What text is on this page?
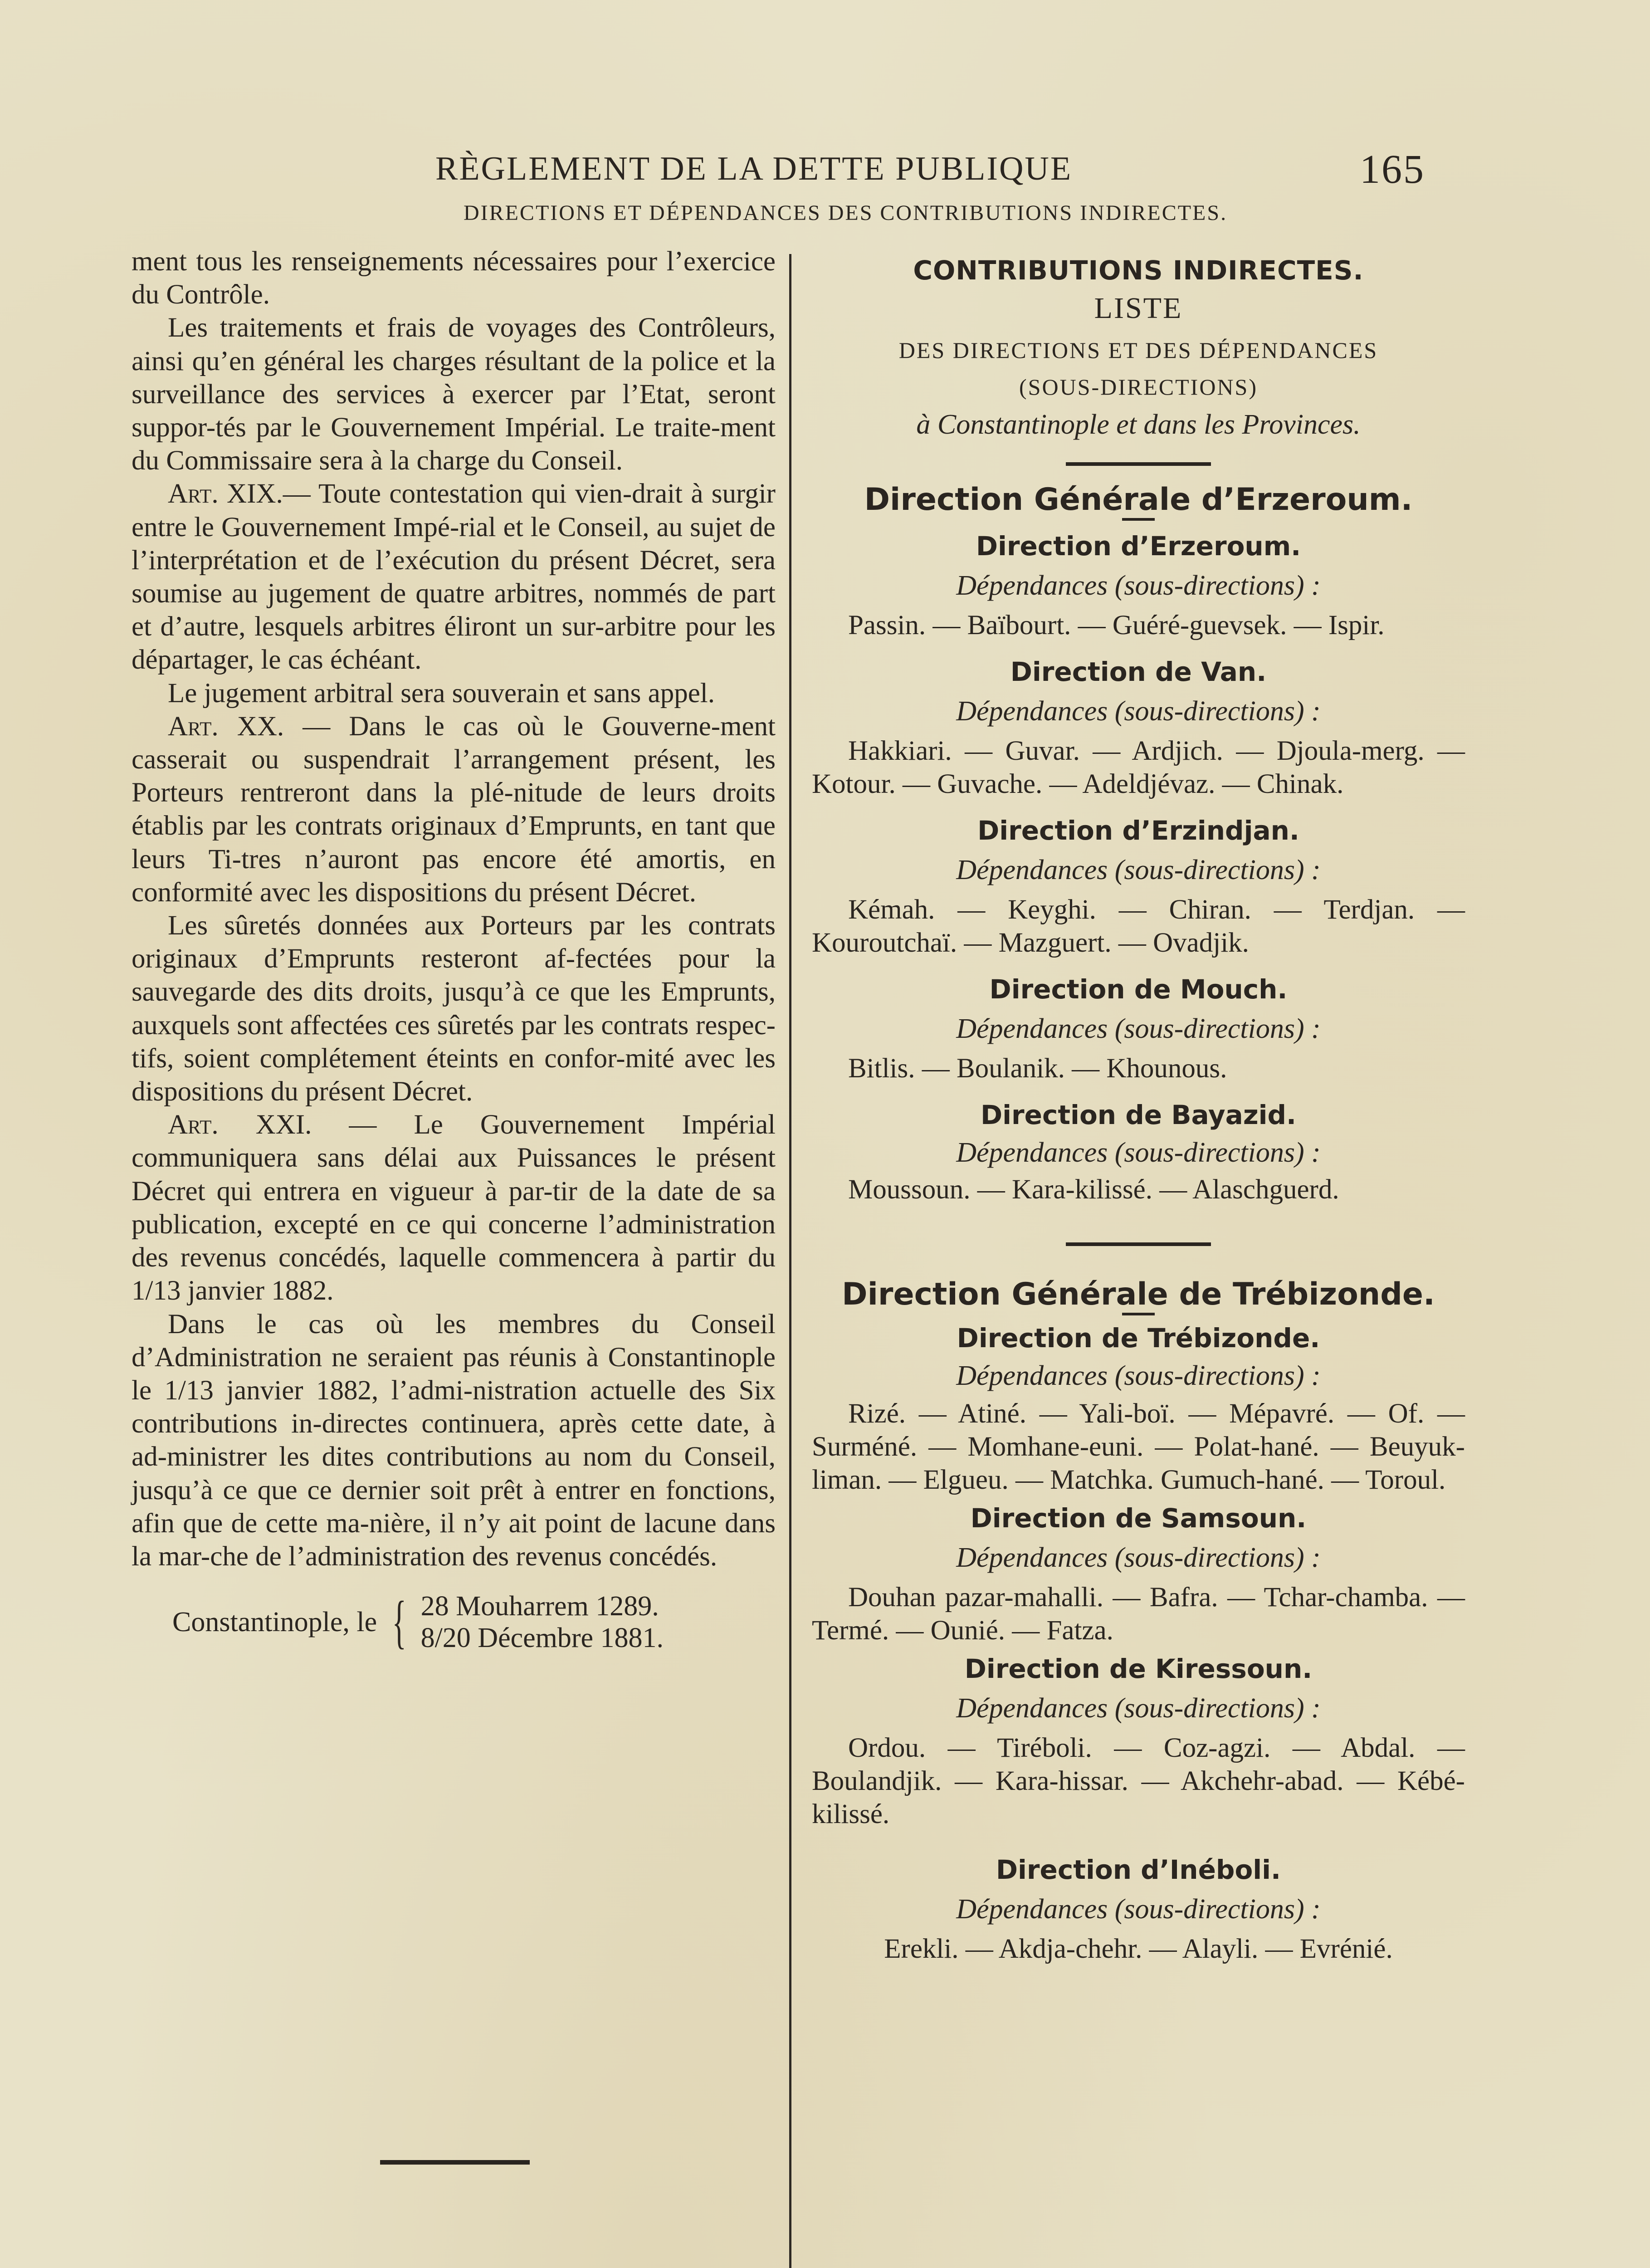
RÈGLEMENT DE LA DETTE PUBLIQUE	165
DIRECTIONS ET DÉPENDANCES DES CONTRIBUTIONS INDIRECTES.

ment tous les renseignements nécessaires pour l’exercice du Contrôle.

Les traitements et frais de voyages des Contrôleurs, ainsi qu’en général les charges résultant de la police et la surveillance des services à exercer par l’Etat, seront suppor-tés par le Gouvernement Impérial. Le traite-ment du Commissaire sera à la charge du Conseil.

Art. XIX.— Toute contestation qui vien-drait à surgir entre le Gouvernement Impé-rial et le Conseil, au sujet de l’interprétation et de l’exécution du présent Décret, sera soumise au jugement de quatre arbitres, nommés de part et d’autre, lesquels arbitres éliront un sur-arbitre pour les départager, le cas échéant.

Le jugement arbitral sera souverain et sans appel.

Art. XX. — Dans le cas où le Gouverne-ment casserait ou suspendrait l’arrangement présent, les Porteurs rentreront dans la plé-nitude de leurs droits établis par les contrats originaux d’Emprunts, en tant que leurs Ti-tres n’auront pas encore été amortis, en conformité avec les dispositions du présent Décret.

Les sûretés données aux Porteurs par les contrats originaux d’Emprunts resteront af-fectées pour la sauvegarde des dits droits, jusqu’à ce que les Emprunts, auxquels sont affectées ces sûretés par les contrats respec-tifs, soient complétement éteints en confor-mité avec les dispositions du présent Décret.

Art. XXI. — Le Gouvernement Impérial communiquera sans délai aux Puissances le présent Décret qui entrera en vigueur à par-tir de la date de sa publication, excepté en ce qui concerne l’administration des revenus concédés, laquelle commencera à partir du 1/13 janvier 1882.

Dans le cas où les membres du Conseil d’Administration ne seraient pas réunis à Constantinople le 1/13 janvier 1882, l’admi-nistration actuelle des Six contributions in-directes continuera, après cette date, à ad-ministrer les dites contributions au nom du Conseil, jusqu’à ce que ce dernier soit prêt à entrer en fonctions, afin que de cette ma-nière, il n’y ait point de lacune dans la mar-che de l’administration des revenus concédés.

Constantinople, le { 28 Mouharrem 1289.
8/20 Décembre 1881.
CONTRIBUTIONS INDIRECTES.
LISTE
DES DIRECTIONS ET DES DÉPENDANCES
(SOUS-DIRECTIONS)
à Constantinople et dans les Provinces.
Direction Générale d’Erzeroum.
Direction d’Erzeroum.
Dépendances (sous-directions) :
Passin. — Baïbourt. — Guéré-guevsek. — Ispir.
Direction de Van.
Dépendances (sous-directions) :
Hakkiari. — Guvar. — Ardjich. — Djoula-merg. — Kotour. — Guvache. — Adeldjévaz. — Chinak.
Direction d’Erzindjan.
Dépendances (sous-directions) :
Kémah. — Keyghi. — Chiran. — Terdjan. — Kouroutchaï. — Mazguert. — Ovadjik.
Direction de Mouch.
Dépendances (sous-directions) :
Bitlis. — Boulanik. — Khounous.
Direction de Bayazid.
Dépendances (sous-directions) :
Moussoun. — Kara-kilissé. — Alaschguerd.
Direction Générale de Trébizonde.
Direction de Trébizonde.
Dépendances (sous-directions) :
Rizé. — Atiné. — Yali-boï. — Mépavré. — Of. — Surméné. — Momhane-euni. — Polat-hané. — Beuyuk-liman. — Elgueu. — Matchka. Gumuch-hané. — Toroul.
Direction de Samsoun.
Dépendances (sous-directions) :
Douhan pazar-mahalli. — Bafra. — Tchar-chamba. — Termé. — Ounié. — Fatza.
Direction de Kiressoun.
Dépendances (sous-directions) :
Ordou. — Tiréboli. — Coz-agzi. — Abdal. — Boulandjik. — Kara-hissar. — Akchehr-abad. — Kébé-kilissé.
Direction d’Inéboli.
Dépendances (sous-directions) :
Erekli. — Akdja-chehr. — Alayli. — Evrénié.
